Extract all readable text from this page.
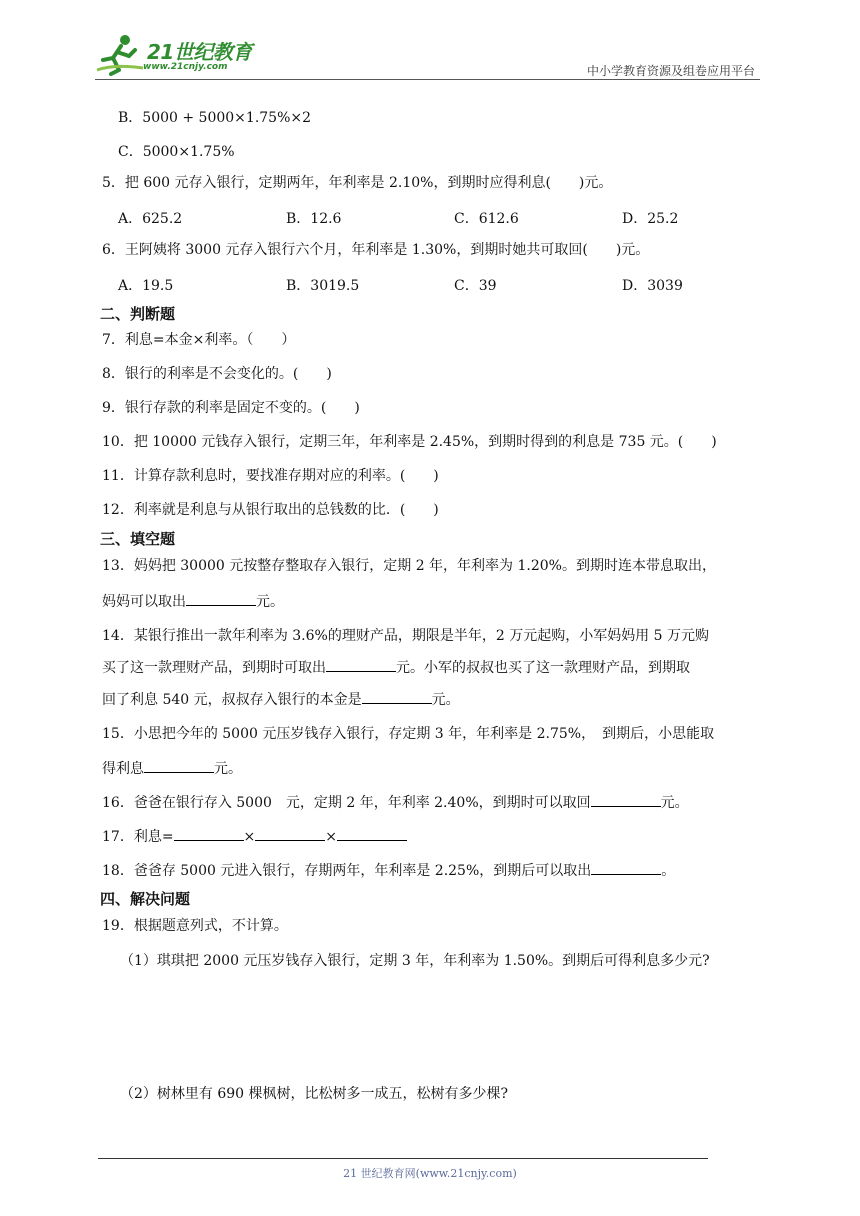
21世纪教育
www.21cnjy.com	中小学教育资源及组卷应用平台
B．5000 + 5000×1.75%×2
C．5000×1.75%
5．把 600 元存入银行，定期两年，年利率是 2.10%，到期时应得利息(　　)元。
A．625.2	B．12.6	C．612.6	D．25.2
6．王阿姨将 3000 元存入银行六个月，年利率是 1.30%，到期时她共可取回(　　)元。
A．19.5	B．3019.5	C．39	D．3039
二、判断题
7．利息=本金×利率。（　　）
8．银行的利率是不会变化的。(　　)
9．银行存款的利率是固定不变的。(　　)
10．把 10000 元钱存入银行，定期三年，年利率是 2.45%，到期时得到的利息是 735 元。(　　)
11．计算存款利息时，要找准存期对应的利率。(　　)
12．利率就是利息与从银行取出的总钱数的比．(　　)
三、填空题
13．妈妈把 30000 元按整存整取存入银行，定期 2 年，年利率为 1.20%。到期时连本带息取出，
妈妈可以取出	元。
14．某银行推出一款年利率为 3.6%的理财产品，期限是半年，2 万元起购，小军妈妈用 5 万元购
买了这一款理财产品，到期时可取出	元。小军的叔叔也买了这一款理财产品，到期取
回了利息 540 元，叔叔存入银行的本金是	元。
15．小思把今年的 5000 元压岁钱存入银行，存定期 3 年，年利率是 2.75%，　到期后，小思能取
得利息	元。
16．爸爸在银行存入 5000　元，定期 2 年，年利率 2.40%，到期时可以取回	元。
17．利息=	×	×
18．爸爸存 5000 元进入银行，存期两年，年利率是 2.25%，到期后可以取出	。
四、解决问题
19．根据题意列式，不计算。
（1）琪琪把 2000 元压岁钱存入银行，定期 3 年，年利率为 1.50%。到期后可得利息多少元?
（2）树林里有 690 棵枫树，比松树多一成五，松树有多少棵?
21 世纪教育网(www.21cnjy.com)
